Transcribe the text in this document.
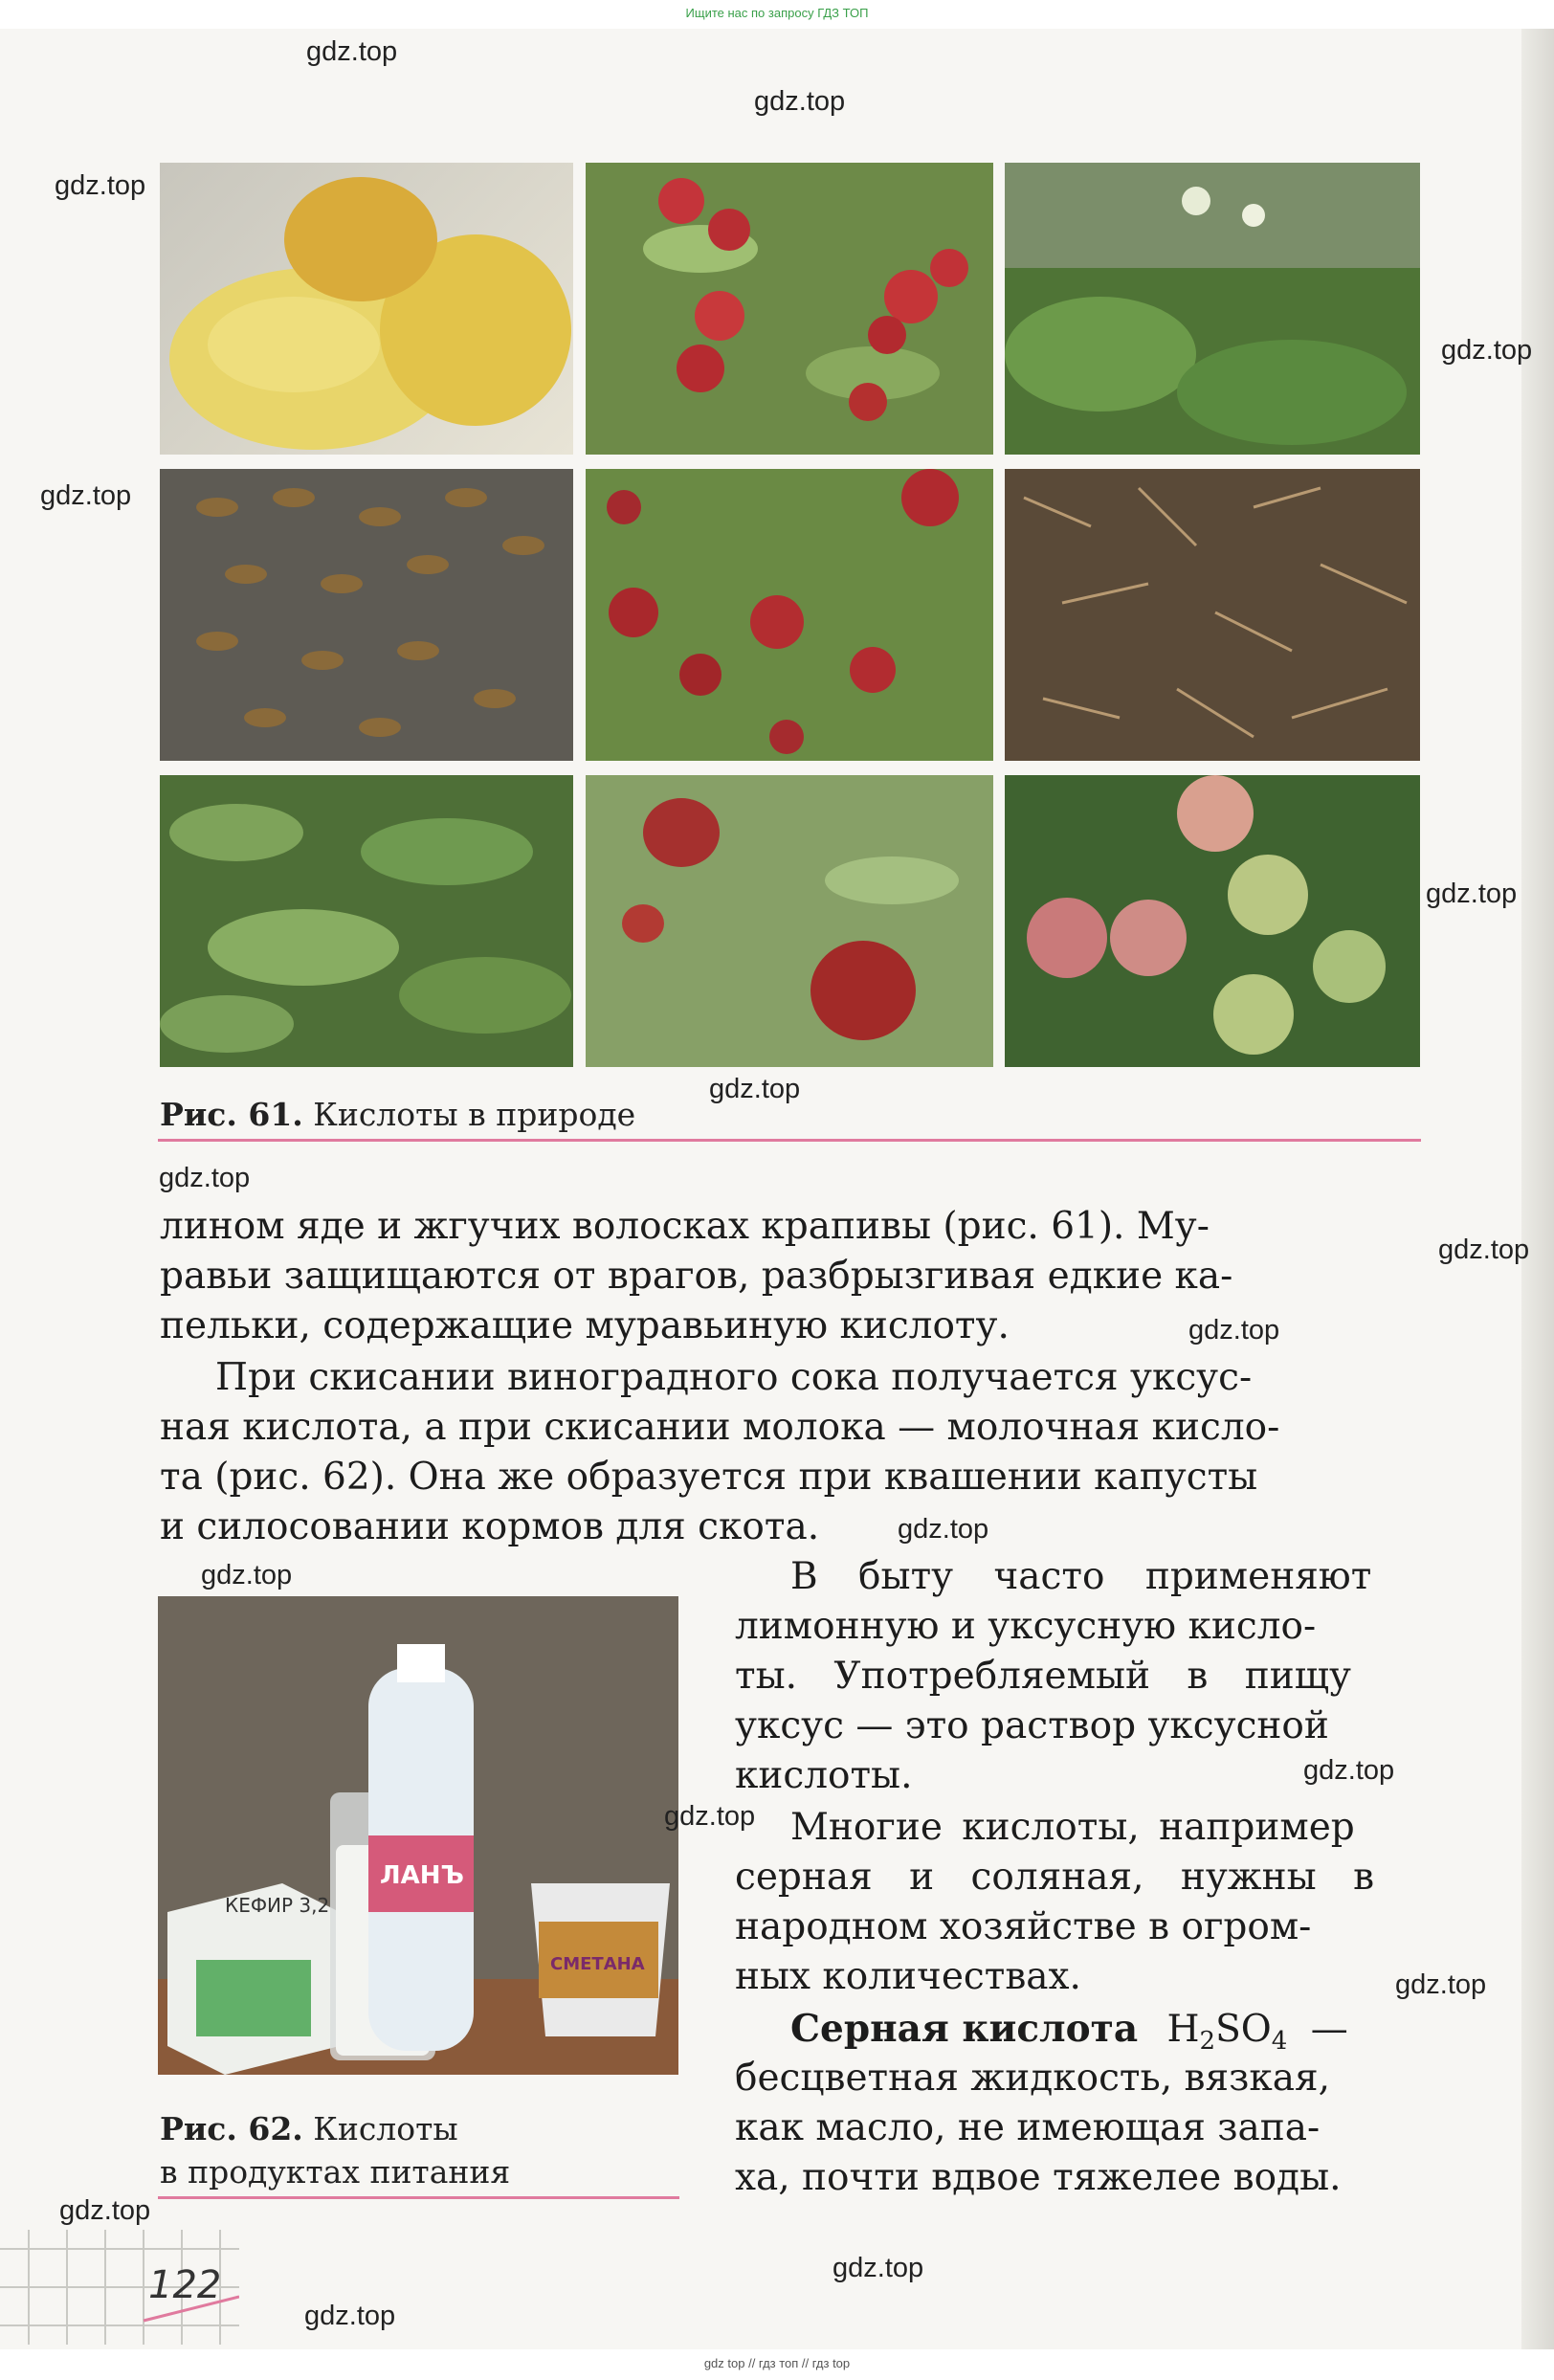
Ищите нас по запросу ГДЗ ТОП
Рис. 61. Кислоты в природе
лином яде и жгучих волосках крапивы (рис. 61). Му-
равьи защищаются от врагов, разбрызгивая едкие ка-
пельки, содержащие муравьиную кислоту.
При скисании виноградного сока получается уксус-
ная кислота, а при скисании молока — молочная кисло-
та (рис. 62). Она же образуется при квашении капусты
и силосовании кормов для скота.
КЕФИР 3,2
ЛАНЪ
СМЕТАНА
Рис. 62. Кислоты
в продуктах питания
В быту часто применяют
лимонную и уксусную кисло-
ты. Употребляемый в пищу
уксус — это раствор уксусной
кислоты.
Многие кислоты, например
серная и соляная, нужны в
народном хозяйстве в огром-
ных количествах.
Серная кислота $H_2SO_4$ —
бесцветная жидкость, вязкая,
как масло, не имеющая запа-
ха, почти вдвое тяжелее воды.
122
gdz.top
gdz.top
gdz.top
gdz.top
gdz.top
gdz.top
gdz.top
gdz.top
gdz.top
gdz.top
gdz.top
gdz.top
gdz.top
gdz.top
gdz.top
gdz.top
gdz.top
gdz.top
gdz top // гдз топ // гдз top
